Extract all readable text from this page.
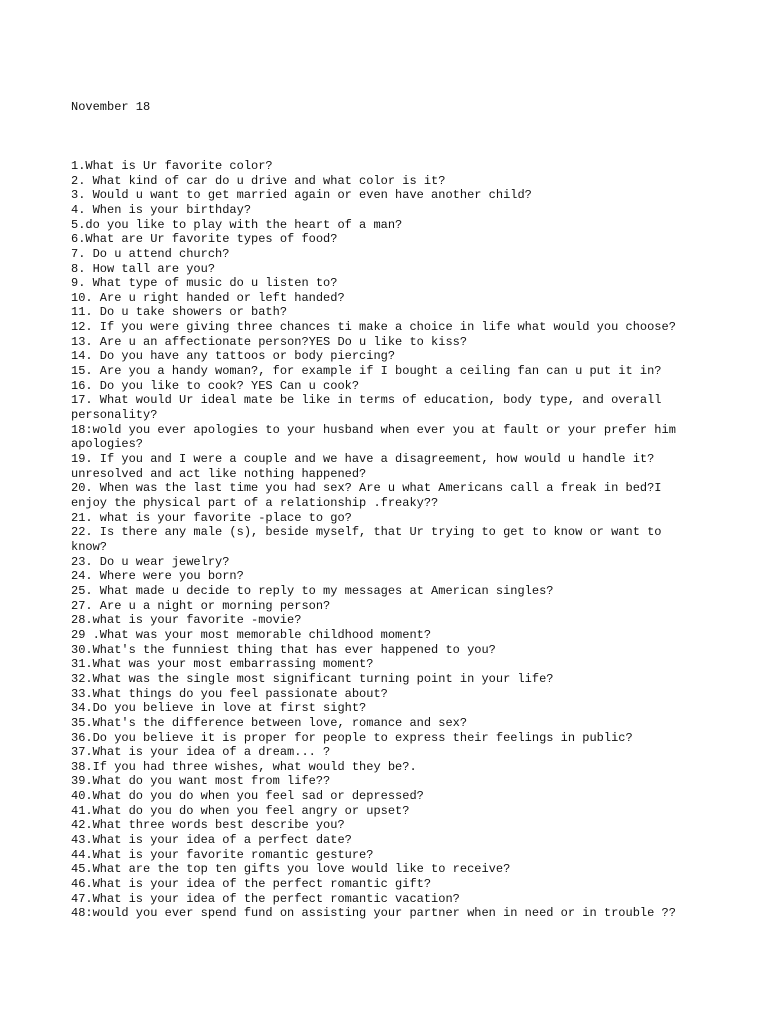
November 18

1.What is Ur favorite color?
2. What kind of car do u drive and what color is it?
3. Would u want to get married again or even have another child?
4. When is your birthday?
5.do you like to play with the heart of a man?
6.What are Ur favorite types of food?
7. Do u attend church?
8. How tall are you?
9. What type of music do u listen to?
10. Are u right handed or left handed?
11. Do u take showers or bath?
12. If you were giving three chances ti make a choice in life what would you choose?
13. Are u an affectionate person?YES Do u like to kiss?
14. Do you have any tattoos or body piercing?
15. Are you a handy woman?, for example if I bought a ceiling fan can u put it in?
16. Do you like to cook? YES Can u cook?
17. What would Ur ideal mate be like in terms of education, body type, and overall personality?
18:wold you ever apologies to your husband when ever you at fault or your prefer him apologies?
19. If you and I were a couple and we have a disagreement, how would u handle it? unresolved and act like nothing happened?
20. When was the last time you had sex? Are u what Americans call a freak in bed?I enjoy the physical part of a relationship .freaky??
21. what is your favorite -place to go?
22. Is there any male (s), beside myself, that Ur trying to get to know or want to know?
23. Do u wear jewelry?
24. Where were you born?
25. What made u decide to reply to my messages at American singles?
27. Are u a night or morning person?
28.what is your favorite -movie?
29 .What was your most memorable childhood moment?
30.What's the funniest thing that has ever happened to you?
31.What was your most embarrassing moment?
32.What was the single most significant turning point in your life?
33.What things do you feel passionate about?
34.Do you believe in love at first sight?
35.What's the difference between love, romance and sex?
36.Do you believe it is proper for people to express their feelings in public?
37.What is your idea of a dream... ?
38.If you had three wishes, what would they be?.
39.What do you want most from life??
40.What do you do when you feel sad or depressed?
41.What do you do when you feel angry or upset?
42.What three words best describe you?
43.What is your idea of a perfect date?
44.What is your favorite romantic gesture?
45.What are the top ten gifts you love would like to receive?
46.What is your idea of the perfect romantic gift?
47.What is your idea of the perfect romantic vacation?
48:would you ever spend fund on assisting your partner when in need or in trouble ??
